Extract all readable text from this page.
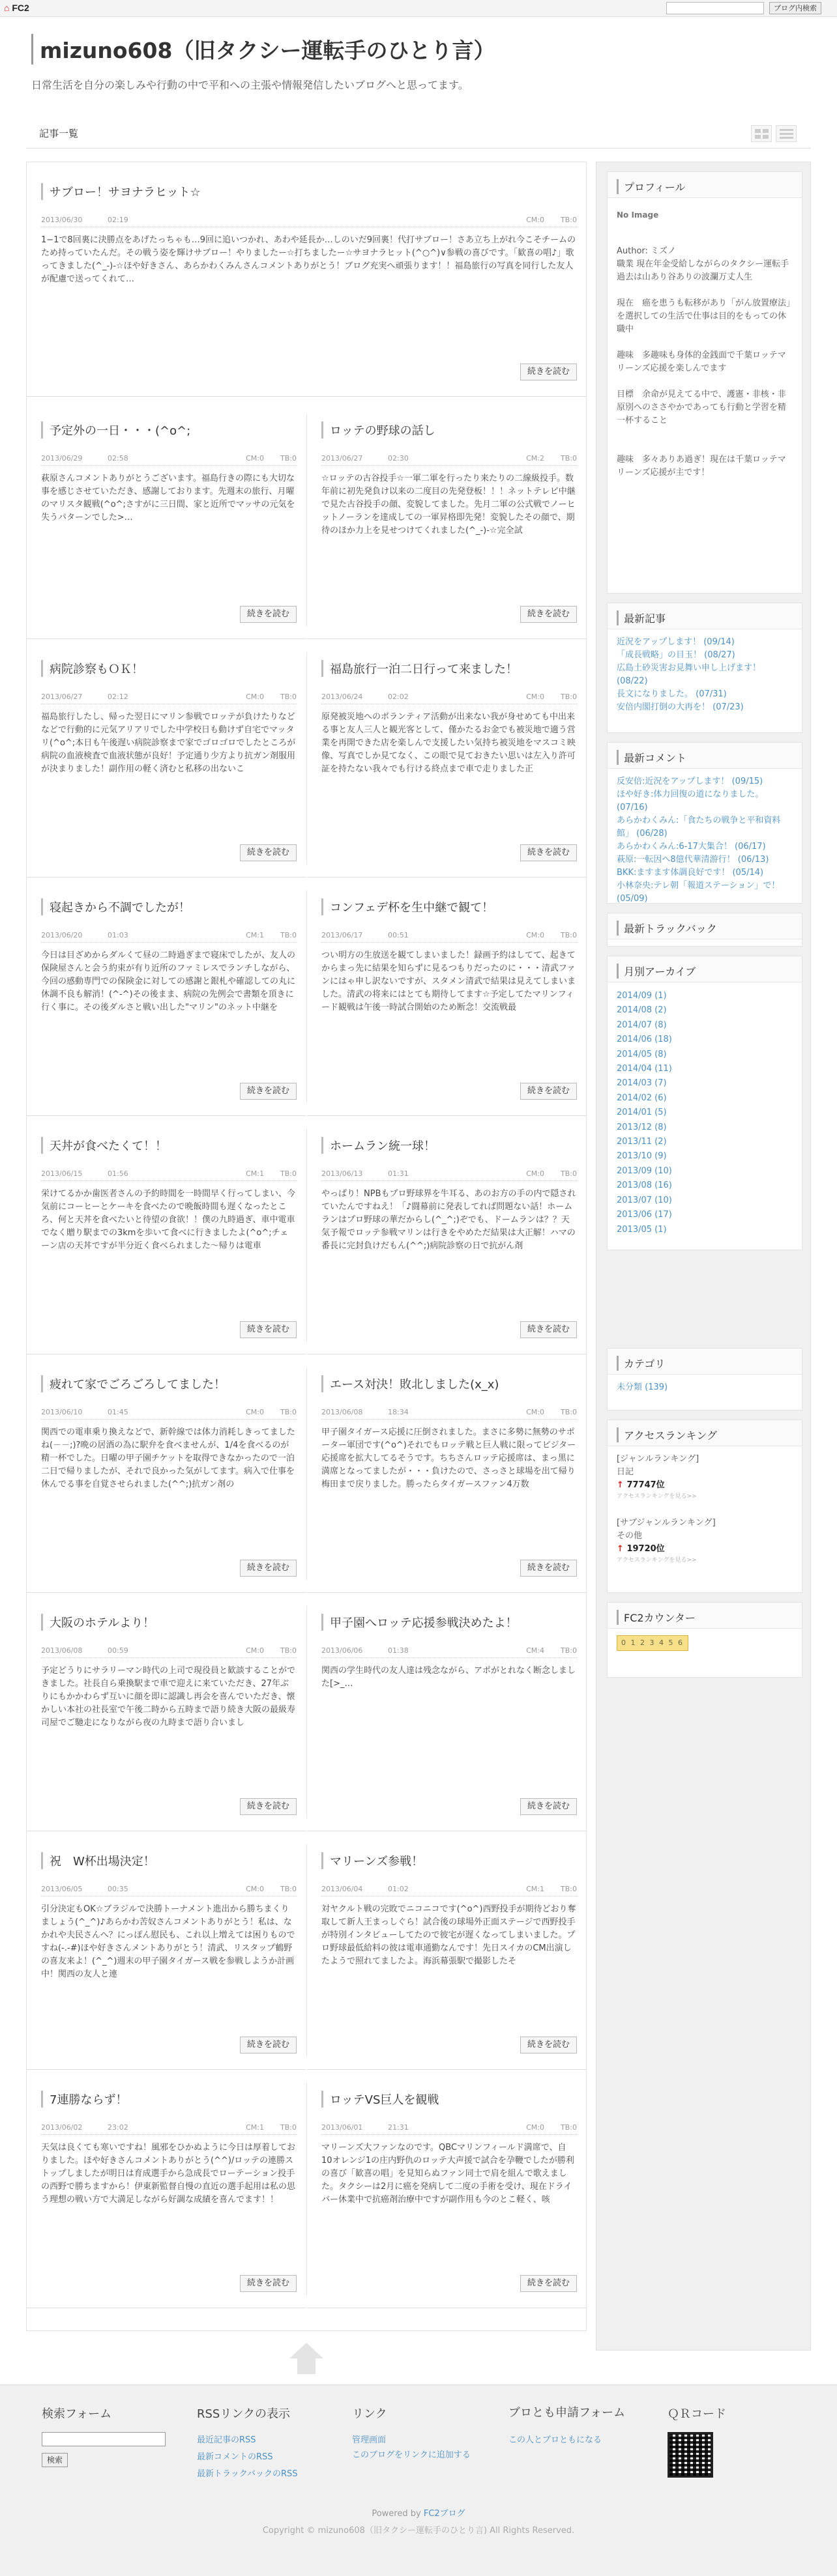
⌂ FC2	ブログ内検索
mizuno608（旧タクシー運転手のひとり言）
日常生活を自分の楽しみや行動の中で平和への主張や情報発信したいブログへと思ってます。
記事一覧
サブロー！サヨナラヒット☆
2013/06/30	02:19	CM:0 TB:0
1−1で8回裏に決勝点をあげたっちゃも…9回に追いつかれ、あわや延長か…しのいだ9回裏！代打サブロー！さあ立ち上がれ今こそチームのため持っていたんだ。その戦う姿を輝けサブロー！やりましたー☆打ちましたー☆サヨナラヒット(^○^)∨参戦の喜びです。「歓喜の唱♪」歌ってきました(^_-)-☆ほや好きさん、あらかわくみんさんコメントありがとう！ブログ充実へ頑張ります！！福島旅行の写真を同行した友人が配慮で送ってくれて…
続きを読む
予定外の一日・・・(^o^;
2013/06/29	02:58	CM:0 TB:0
萩原さんコメントありがとうございます。福島行きの際にも大切な事を感じさせていただき、感謝しております。先週末の旅行、月曜のマリスタ観戦(^o^;さすがに三日間、家と近所でマッサの元気を失うパターンでした>…
続きを読む
ロッテの野球の話し
2013/06/27	02:30	CM:2 TB:0
☆ロッテの古谷投手☆一軍二軍を行ったり来たりの二線級投手。数年前に初先発負け以来の二度目の先発登板！！！ネットテレビ中継で見た古谷投手の顔、変貌してました。先月二軍の公式戦でノーヒットノーランを達成しての一軍昇格即先発！変貌したその顔で、期待のほか力上を見せつけてくれました(^_-)-☆完全試
続きを読む
病院診察もＯＫ！
2013/06/27	02:12	CM:0 TB:0
福島旅行したし、帰った翌日にマリン参戦でロッテが負けたりなどなどで行動的に元気アリアリでした中学校日も動けず自宅でマッタリ(^o^;本日も午後遅い病院診察まで家でゴロゴロでしたところが病院の血液検査で血液状態が良好！予定通り少方より抗ガン剤服用が決まりました！副作用の軽く済むと私移の出ないこ
続きを読む
福島旅行一泊二日行って来ました！
2013/06/24	02:02	CM:0 TB:0
原発被災地へのボランティア活動が出来ない我が身せめても中出来る事と友人三人と観光客として、僅かたるお金でも被災地で適う営業を再開できた店を楽しんで支援したい気持ち被災地をマスコミ映像、写真でしか見てなく、この眼で見ておきたい思いは左入り許可証を持たない我々でも行ける終点まで車で走りました正
続きを読む
寝起きから不調でしたが！
2013/06/20	01:03	CM:1 TB:0
今日は目ざめからダルくて昼の二時過ぎまで寝床でしたが、友人の保険屋さんと会う約束が有り近所のファミレスでランチしながら、今回の感動専門での保険金に対しての感謝と銀札や確認しての丸に休調不良も解消！(^-^)その後まま、病院の先例会で書類を頂きに行く事に。その後ダルさと戦い出した"マリン"のネット中継を
続きを読む
コンフェデ杯を生中継で観て！
2013/06/17	00:51	CM:0 TB:0
つい明方の生放送を観てしまいました！録画予約はしてて、起きてからまっ先に結果を知らずに見るつもりだったのに・・・清武ファンにはゃ申し訳ないですが、スタメン清武で結果は見えてしまいました。清武の将来にはとても期待してます☆予定してたマリンフィード観戦は午後一時試合開始のため断念！交流戦最
続きを読む
天丼が食べたくて！！
2013/06/15	01:56	CM:1 TB:0
栄けてるかか歯医者さんの予約時間を一時間早く行ってしまい、今気前にコーヒーとケーキを食べたので晩飯時間も遅くなったところ、何と天丼を食べたいと待望の食欲！！僕の九時過ぎ、車中電車でなく贈り駅までの3kmを歩いて食べに行きましたよ(^o^;チェーン店の天丼ですが半分近く食べられました～帰りは電車
続きを読む
ホームラン統一球！
2013/06/13	01:31	CM:0 TB:0
やっぱり！NPBもプロ野球界を牛耳る、あのお方の手の内で隠されていたんですねえ！「♪闘幕前に発表してれば問題ない話！ホームランはプロ野球の華だからし(^_^;)ぞでも、ドームランは？？天気予報でロッテ参戦マリンは行きをやめただ結果は大正解！ハマの番長に完封負けだもん(^^;)病院診察の日で抗がん剤
続きを読む
疲れて家でごろごろしてました！
2013/06/10	01:45	CM:0 TB:0
関西での電車乗り換えなどで、新幹線では体力消耗しきってましたね(－－;)?晩の居酒の為に駅弁を食べませんが、1/4を食べるのが精一杯でした。日曜の甲子園チケットを取得できなかったので一泊二日で帰りましたが、それで良かった気がしてます。病入で仕事を休んでる事を自覚させられました(^^;)抗ガン剤の
続きを読む
エース対決！敗北しました(x_x)
2013/06/08	18:34	CM:0 TB:0
甲子園タイガース応援に圧倒されました。まさに多勢に無勢のサポーター軍団です(^o^)それでもロッテ戦と巨人戦に限ってビジター応援席を拡大してるそうです。ちちさんロッテ応援席は、まっ黒に満席となってましたが・・・負けたので、さっさと球場を出て帰り梅田まで戻りました。勝ったらタイガースファン4万数
続きを読む
大阪のホテルより！
2013/06/08	00:59	CM:0 TB:0
予定どうりにサラリーマン時代の上司で現役員と歓談することができました。社長自ら乗換駅まで車で迎えに来ていただき、27年ぶりにもかかわらず互いに顔を即に認識し再会を喜んでいただき、懐かしい本社の社長室で午後二時から五時まで語り続き大阪の最級寿司屋でご馳走になりながら夜の九時まで語り合いまし
続きを読む
甲子園へロッテ応援参戦決めたよ！
2013/06/06	01:38	CM:4 TB:0
関西の学生時代の友人達は残念ながら、アポがとれなく断念しました[>_…
続きを読む
祝　W杯出場決定！
2013/06/05	00:35	CM:0 TB:0
引分決定もOK☆ブラジルで決勝トーナメント進出から勝ちまくりましょう(^_^)♪あらかわ苦奴さんコメントありがとう！私は、なかれや夫民さんへ？にっぽん慰民も、これ以上増えては困りものですね(-.-#)ほや好きさんメントありがとう！清武、リスタップ鶴野の喜友来よ！(^_^)週末の甲子園タイガース戦を参戦しようか計画中！関西の友人と連
続きを読む
マリーンズ参戦！
2013/06/04	01:02	CM:1 TB:0
対ヤクルト戦の完敗でニコニコです(^o^)西野投手が期待どおり奪取して新人王まっしぐら！試合後の球場外正面ステージで西野投手が特別インタビューしてたので彼宅が遅くなってしまいました。プロ野球最低給料の彼は電車通勤なんです！先日スイカのCM出演したようで照れてましたよ。海浜幕張駅で撮影したそ
続きを読む
7連勝ならず！
2013/06/02	23:02	CM:1 TB:0
天気は良くても寒いですね！風邪をひかぬように今日は厚着しておりました。ほや好きさんコメントありがとう(^^)/ロッテの連勝ストップしましたが明日は育成選手から急成長でローテーション投手の西野で勝ちますから！伊東新監督自慢の直近の選手起用は私の思う理想の戦い方で大満足しながら好調な成績を喜んでます！！
続きを読む
ロッテVS巨人を観戦
2013/06/01	21:31	CM:0 TB:0
マリーンズ大ファンなのです。QBCマリンフィールド満席で、自10オレンジ1の庄内野仇のロッテ大声援で試合を孕鞭でしたが勝利の喜び「歓喜の唱」を見知らぬファン同士で肩を組んで歌えました。タクシーは2月に癌を発病して二度の手術を受け、現在ドライバー休業中で抗癌剤治療中ですが副作用も今のとこ軽く、咳
続きを読む
プロフィール
No Image
Author: ミズノ
職業 現在年金受給しながらのタクシー運転手
過去は山あり谷ありの波瀾万丈人生
現在　癌を患うも転移があり「がん放置療法」を選択しての生活で仕事は目的をもっての休職中
趣味　多趣味も身体的金銭面で千葉ロッテマリーンズ応援を楽しんでます
目標　余命が見えてる中で、護憲・非核・非原別へのささやかであっても行動と学習を精一杯すること
趣味　多々ありあ過ぎ！現在は千葉ロッテマリーンズ応援が主です！
最新記事
近況をアップします！ (09/14)
「成長戦略」の目玉！ (08/27)
広島土砂災害お見舞い申し上げます！ (08/22)
長文になりました。 (07/31)
安倍内閣打倒の大再を！ (07/23)
最新コメント
反安倍:近況をアップします！ (09/15)
ほや好き:体力回復の道になりました。 (07/16)
あらかわくみん:「食たちの戦争と平和資料館」 (06/28)
あらかわくみん:6-17大集合！ (06/17)
萩原:一転因へ8億代華清游行！ (06/13)
BKK:ますます体調良好です！ (05/14)
小林奈央:テレ朝「報道ステーション」で！ (05/09)
最新トラックバック
月別アーカイブ
2014/09 (1)
2014/08 (2)
2014/07 (8)
2014/06 (18)
2014/05 (8)
2014/04 (11)
2014/03 (7)
2014/02 (6)
2014/01 (5)
2013/12 (8)
2013/11 (2)
2013/10 (9)
2013/09 (10)
2013/08 (16)
2013/07 (10)
2013/06 (17)
2013/05 (1)
カテゴリ
未分類 (139)
アクセスランキング
[ジャンルランキング]
日記
↑ 77747位
アクセスランキングを見る>>
[サブジャンルランキング]
その他
↑ 19720位
アクセスランキングを見る>>
FC2カウンター
0 1 2 3 4 5 6
検索フォーム
検索
RSSリンクの表示
最近記事のRSS
最新コメントのRSS
最新トラックバックのRSS
リンク
管理画面
このブログをリンクに追加する
ブロとも申請フォーム
この人とブロともになる
ＱＲコード
Powered by FC2ブログ
Copyright © mizuno608（旧タクシー運転手のひとり言) All Rights Reserved.
